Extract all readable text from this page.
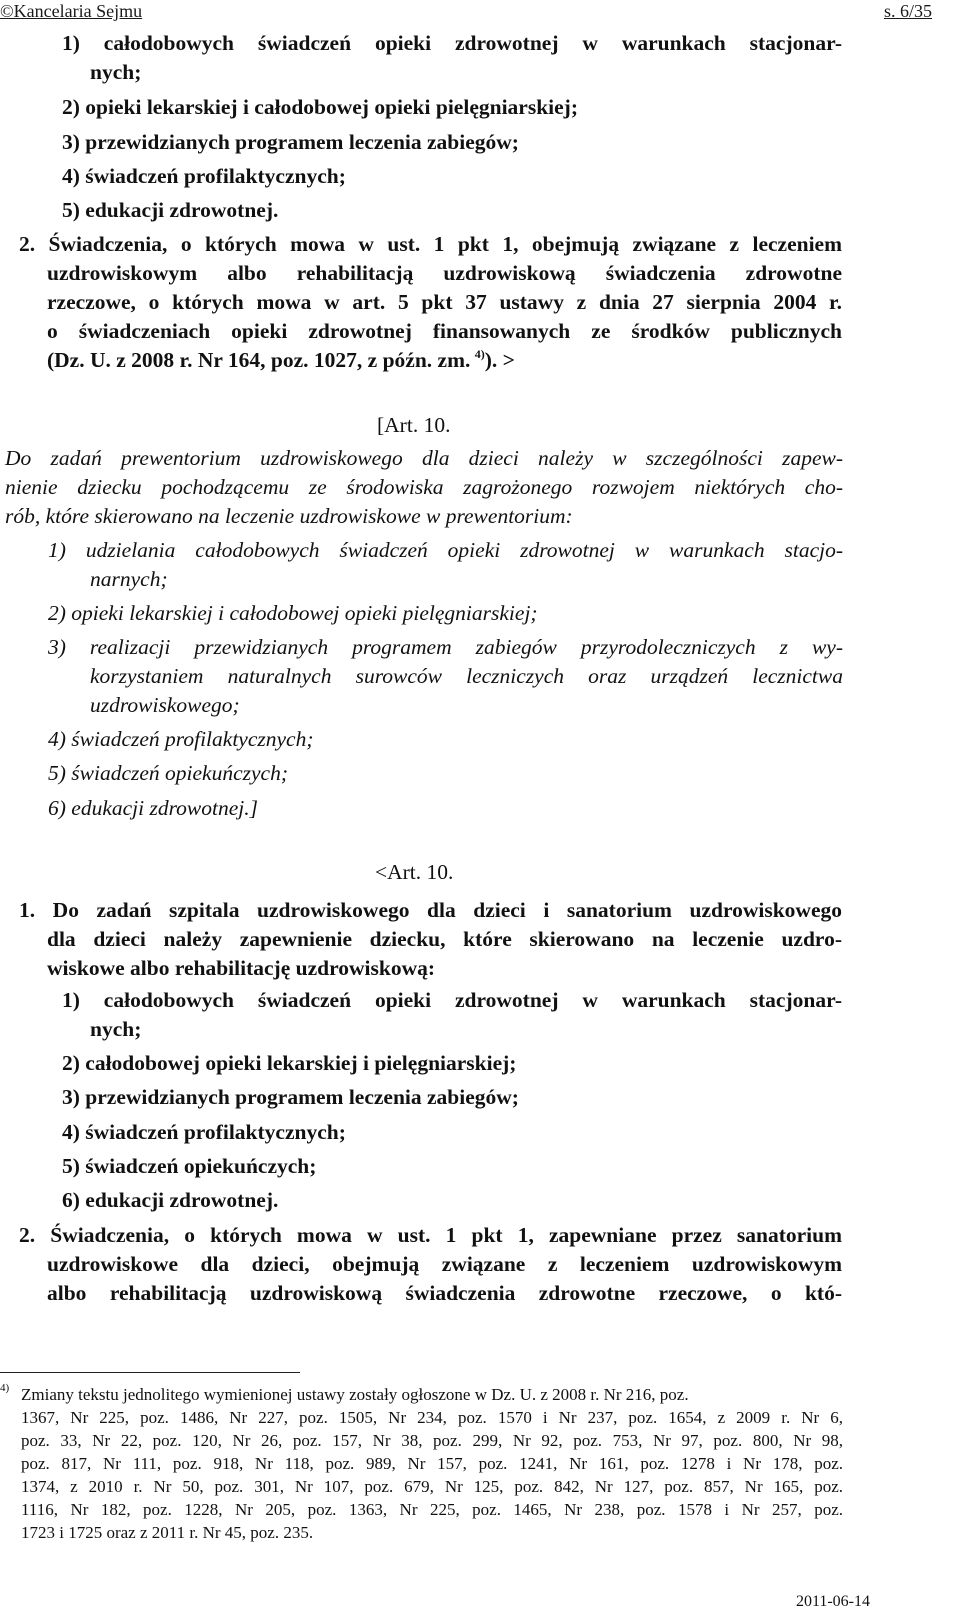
©Kancelaria Sejmu	s. 6/35
1) całodobowych świadczeń opieki zdrowotnej w warunkach stacjonar-
nych;
2) opieki lekarskiej i całodobowej opieki pielęgniarskiej;
3) przewidzianych programem leczenia zabiegów;
4) świadczeń profilaktycznych;
5) edukacji zdrowotnej.
2. Świadczenia, o których mowa w ust. 1 pkt 1, obejmują związane z leczeniem
uzdrowiskowym albo rehabilitacją uzdrowiskową świadczenia zdrowotne
rzeczowe, o których mowa w art. 5 pkt 37 ustawy z dnia 27 sierpnia 2004 r.
o świadczeniach opieki zdrowotnej finansowanych ze środków publicznych
(Dz. U. z 2008 r. Nr 164, poz. 1027, z późn. zm.  $^{4)}$). >
[Art. 10.
Do zadań prewentorium uzdrowiskowego dla dzieci należy w szczególności zapew-
nienie dziecku pochodzącemu ze środowiska zagrożonego rozwojem niektórych cho-
rób, które skierowano na leczenie uzdrowiskowe w prewentorium:
1) udzielania całodobowych świadczeń opieki zdrowotnej w warunkach stacjo-
narnych;
2) opieki lekarskiej i całodobowej opieki pielęgniarskiej;
3) realizacji przewidzianych programem zabiegów przyrodoleczniczych z wy-
korzystaniem naturalnych surowców leczniczych oraz urządzeń lecznictwa
uzdrowiskowego;
4) świadczeń profilaktycznych;
5) świadczeń opiekuńczych;
6) edukacji zdrowotnej.]
<Art. 10.
1. Do zadań szpitala uzdrowiskowego dla dzieci i sanatorium uzdrowiskowego
dla dzieci należy zapewnienie dziecku, które skierowano na leczenie uzdro-
wiskowe albo rehabilitację uzdrowiskową:
1) całodobowych świadczeń opieki zdrowotnej w warunkach stacjonar-
nych;
2) całodobowej opieki lekarskiej i pielęgniarskiej;
3) przewidzianych programem leczenia zabiegów;
4) świadczeń profilaktycznych;
5) świadczeń opiekuńczych;
6) edukacji zdrowotnej.
2. Świadczenia, o których mowa w ust. 1 pkt 1, zapewniane przez sanatorium
uzdrowiskowe dla dzieci, obejmują związane z leczeniem uzdrowiskowym
albo rehabilitacją uzdrowiskową świadczenia zdrowotne rzeczowe, o któ-
4) Zmiany tekstu jednolitego wymienionej ustawy zostały ogłoszone w Dz. U. z 2008 r. Nr 216, poz.
1367, Nr 225, poz. 1486, Nr 227, poz. 1505, Nr 234, poz. 1570 i Nr 237, poz. 1654, z 2009 r. Nr 6,
poz. 33, Nr 22, poz. 120, Nr 26, poz. 157, Nr 38, poz. 299, Nr 92, poz. 753, Nr 97, poz. 800, Nr 98,
poz. 817, Nr 111, poz. 918, Nr 118, poz. 989, Nr 157, poz. 1241, Nr 161, poz. 1278 i Nr 178, poz.
1374, z 2010 r. Nr 50, poz. 301, Nr 107, poz. 679, Nr 125, poz. 842, Nr 127, poz. 857, Nr 165, poz.
1116, Nr 182, poz. 1228, Nr 205, poz. 1363, Nr 225, poz. 1465, Nr 238, poz. 1578 i Nr 257, poz.
1723 i 1725 oraz z 2011 r. Nr 45, poz. 235.
2011-06-14
